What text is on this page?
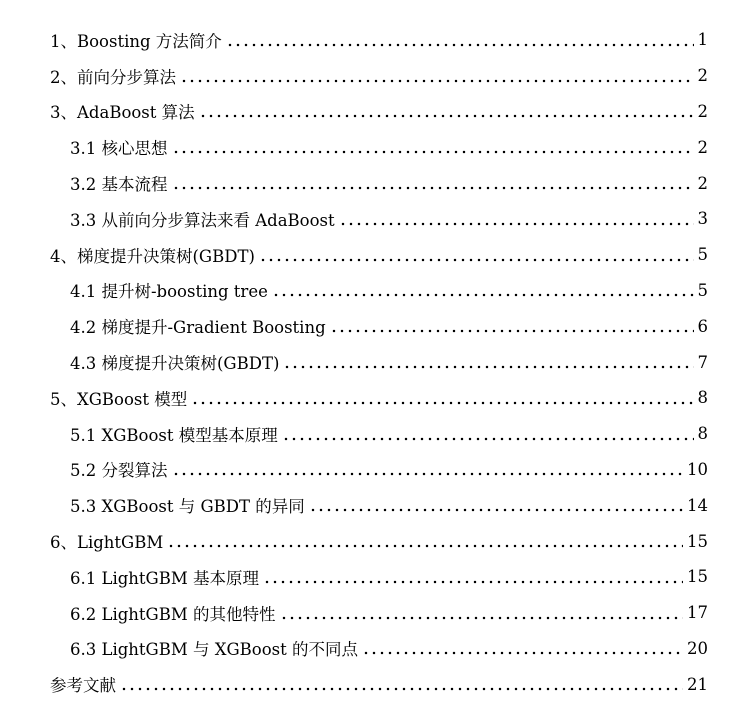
1、Boosting 方法简介	1
2、前向分步算法	2
3、AdaBoost 算法	2
3.1 核心思想	2
3.2 基本流程	2
3.3 从前向分步算法来看 AdaBoost	3
4、梯度提升决策树(GBDT)	5
4.1 提升树-boosting tree	5
4.2 梯度提升-Gradient Boosting	6
4.3 梯度提升决策树(GBDT)	7
5、XGBoost 模型	8
5.1 XGBoost 模型基本原理	8
5.2 分裂算法	10
5.3 XGBoost 与 GBDT 的异同	14
6、LightGBM	15
6.1 LightGBM 基本原理	15
6.2 LightGBM 的其他特性	17
6.3 LightGBM 与 XGBoost 的不同点	20
参考文献	21
